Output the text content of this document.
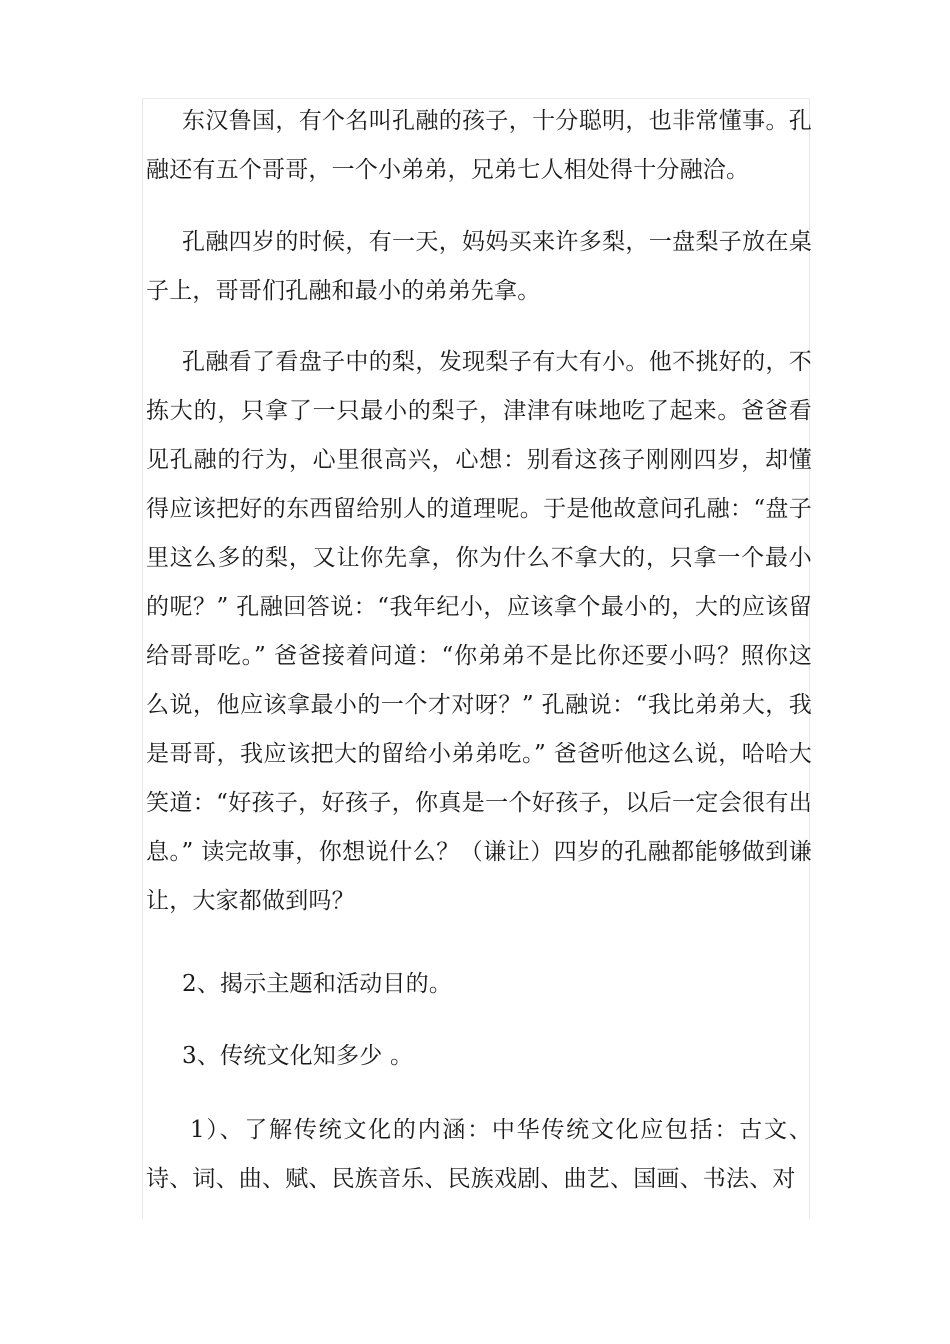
东汉鲁国，有个名叫孔融的孩子，十分聪明，也非常懂事。孔融还有五个哥哥，一个小弟弟，兄弟七人相处得十分融洽。

孔融四岁的时候，有一天，妈妈买来许多梨，一盘梨子放在桌子上，哥哥们孔融和最小的弟弟先拿。

孔融看了看盘子中的梨，发现梨子有大有小。他不挑好的，不拣大的，只拿了一只最小的梨子，津津有味地吃了起来。爸爸看见孔融的行为，心里很高兴，心想：别看这孩子刚刚四岁，却懂得应该把好的东西留给别人的道理呢。于是他故意问孔融：“盘子里这么多的梨，又让你先拿，你为什么不拿大的，只拿一个最小的呢？” 孔融回答说：“我年纪小，应该拿个最小的，大的应该留给哥哥吃。” 爸爸接着问道：“你弟弟不是比你还要小吗？照你这么说，他应该拿最小的一个才对呀？” 孔融说：“我比弟弟大，我是哥哥，我应该把大的留给小弟弟吃。” 爸爸听他这么说，哈哈大笑道：“好孩子，好孩子，你真是一个好孩子，以后一定会很有出息。” 读完故事，你想说什么？（谦让）四岁的孔融都能够做到谦让，大家都做到吗？

2、揭示主题和活动目的。

3、传统文化知多少 。

1）、了解传统文化的内涵：中华传统文化应包括：古文、诗、词、曲、赋、民族音乐、民族戏剧、曲艺、国画、书法、对
